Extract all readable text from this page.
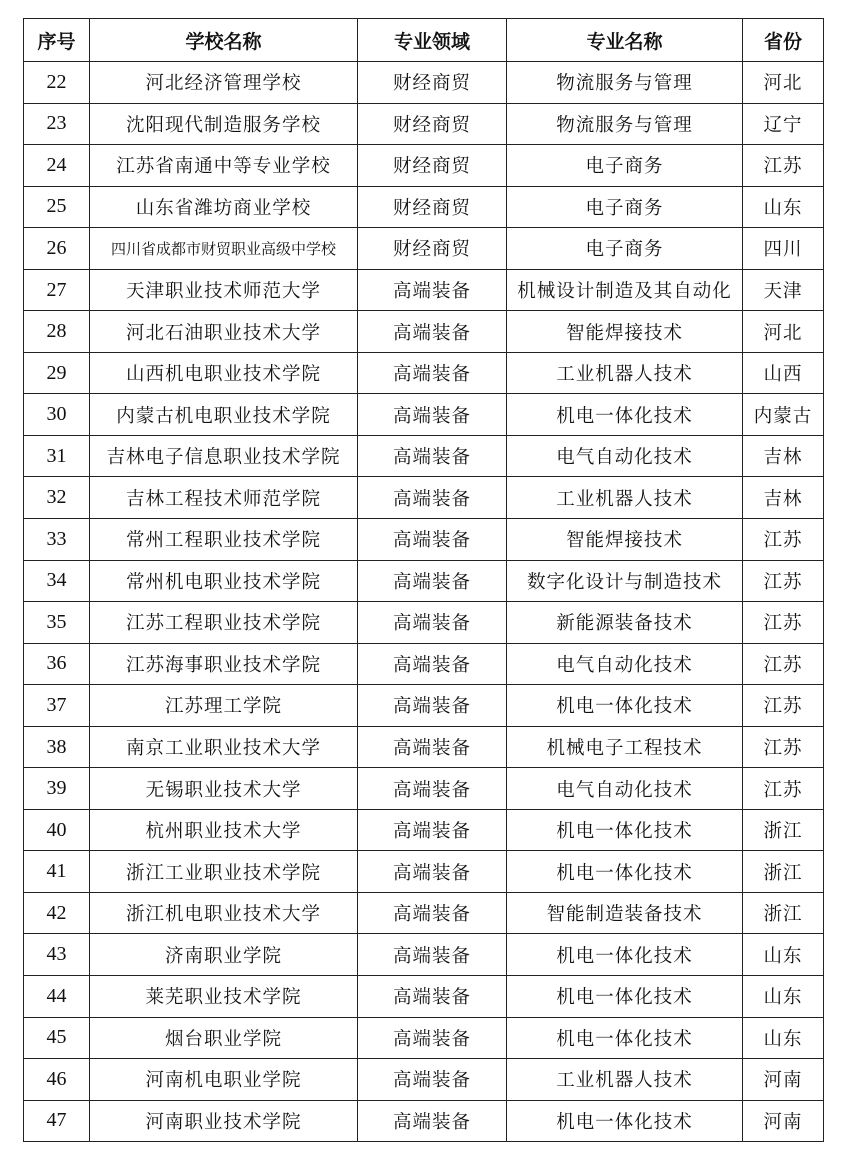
序号	学校名称	专业领域	专业名称	省份
22	河北经济管理学校	财经商贸	物流服务与管理	河北
23	沈阳现代制造服务学校	财经商贸	物流服务与管理	辽宁
24	江苏省南通中等专业学校	财经商贸	电子商务	江苏
25	山东省潍坊商业学校	财经商贸	电子商务	山东
26	四川省成都市财贸职业高级中学校	财经商贸	电子商务	四川
27	天津职业技术师范大学	高端装备	机械设计制造及其自动化	天津
28	河北石油职业技术大学	高端装备	智能焊接技术	河北
29	山西机电职业技术学院	高端装备	工业机器人技术	山西
30	内蒙古机电职业技术学院	高端装备	机电一体化技术	内蒙古
31	吉林电子信息职业技术学院	高端装备	电气自动化技术	吉林
32	吉林工程技术师范学院	高端装备	工业机器人技术	吉林
33	常州工程职业技术学院	高端装备	智能焊接技术	江苏
34	常州机电职业技术学院	高端装备	数字化设计与制造技术	江苏
35	江苏工程职业技术学院	高端装备	新能源装备技术	江苏
36	江苏海事职业技术学院	高端装备	电气自动化技术	江苏
37	江苏理工学院	高端装备	机电一体化技术	江苏
38	南京工业职业技术大学	高端装备	机械电子工程技术	江苏
39	无锡职业技术大学	高端装备	电气自动化技术	江苏
40	杭州职业技术大学	高端装备	机电一体化技术	浙江
41	浙江工业职业技术学院	高端装备	机电一体化技术	浙江
42	浙江机电职业技术大学	高端装备	智能制造装备技术	浙江
43	济南职业学院	高端装备	机电一体化技术	山东
44	莱芜职业技术学院	高端装备	机电一体化技术	山东
45	烟台职业学院	高端装备	机电一体化技术	山东
46	河南机电职业学院	高端装备	工业机器人技术	河南
47	河南职业技术学院	高端装备	机电一体化技术	河南
